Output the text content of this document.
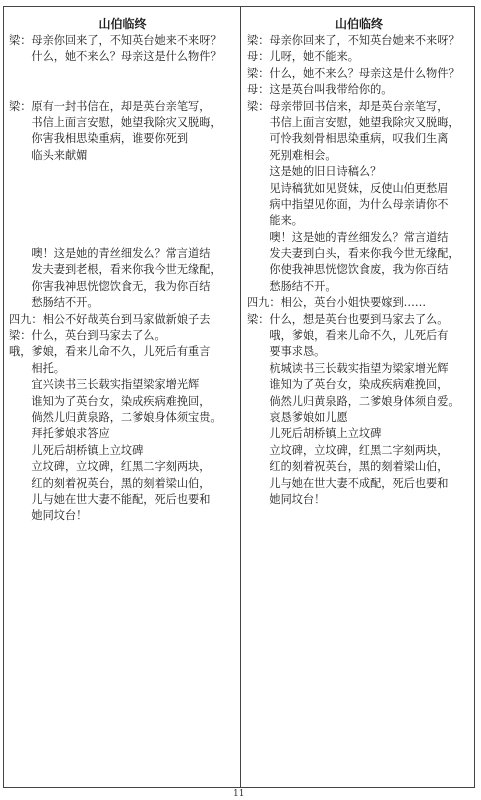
山伯临终
梁：母亲你回来了，不知英台她来不来呀？
　　什么，她不来么？母亲这是什么物件？
梁：原有一封书信在，却是英台亲笔写，
　　书信上面言安慰，她望我除灾又脱晦，
　　你害我相思染重病，谁要你死到
　　临头来献媚
　　噢！这是她的青丝细发么？常言道结
　　发夫妻到老根，看来你我今世无缘配，
　　你害我神思恍惚饮食无，我为你百结
　　愁肠结不开。
四九：相公不好哉英台到马家做新娘子去
梁：什么，英台到马家去了么。
哦，爹娘，看来儿命不久，儿死后有重言
　　相托。
　　宜兴读书三长载实指望梁家增光辉
　　谁知为了英台女，染成疾病难挽回，
　　倘然儿归黄泉路，二爹娘身体须宝贵。
　　拜托爹娘求答应
　　儿死后胡桥镇上立坟碑
　　立坟碑，立坟碑，红黑二字刻两块，
　　红的刻着祝英台，黑的刻着梁山伯，
　　儿与她在世大妻不能配，死后也要和
　　她同坟台！
山伯临终
梁：母亲你回来了，不知英台她来不来呀？
母：儿呀，她不能来。
梁：什么，她不来么？母亲这是什么物件？
母：这是英台叫我带给你的。
梁：母亲带回书信来，却是英台亲笔写，
　　书信上面言安慰，她望我除灾又脱晦，
　　可怜我刻骨相思染重病，叹我们生离
　　死别难相会。
　　这是她的旧日诗稿么？
　　见诗稿犹如见贤妹，反使山伯更愁眉
　　病中指望见你面，为什么母亲请你不
　　能来。
　　噢！这是她的青丝细发么？常言道结
　　发夫妻到白头，看来你我今世无缘配，
　　你使我神思恍惚饮食废，我为你百结
　　愁肠结不开。
四九：相公，英台小姐快要嫁到……
梁：什么，想是英台也要到马家去了么。
　　哦，爹娘，看来儿命不久，儿死后有
　　要事求恳。
　　杭城读书三长载实指望为梁家增光辉
　　谁知为了英台女，染成疾病难挽回，
　　倘然儿归黄泉路，二爹娘身体须自爱。
　　哀恳爹娘如儿愿
　　儿死后胡桥镇上立坟碑
　　立坟碑，立坟碑，红黑二字刻两块，
　　红的刻着祝英台，黑的刻着梁山伯，
　　儿与她在世大妻不成配，死后也要和
　　她同坟台！
11
